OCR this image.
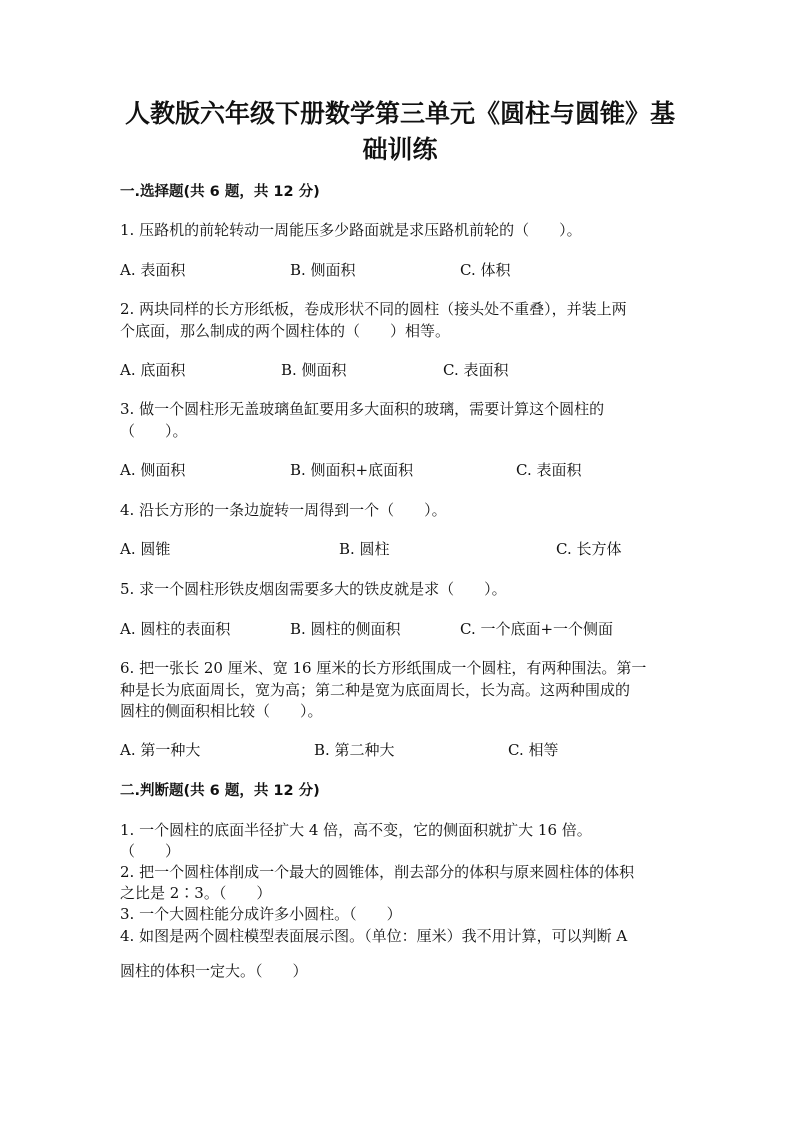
人教版六年级下册数学第三单元《圆柱与圆锥》基
础训练
一.选择题(共 6 题，共 12 分)
1. 压路机的前轮转动一周能压多少路面就是求压路机前轮的（　　）。
A. 表面积	B. 侧面积	C. 体积
2. 两块同样的长方形纸板，卷成形状不同的圆柱（接头处不重叠），并装上两
个底面，那么制成的两个圆柱体的（　　）相等。
A. 底面积	B. 侧面积	C. 表面积
3. 做一个圆柱形无盖玻璃鱼缸要用多大面积的玻璃，需要计算这个圆柱的
（　　）。
A. 侧面积	B. 侧面积+底面积	C. 表面积
4. 沿长方形的一条边旋转一周得到一个（　　）。
A. 圆锥	B. 圆柱	C. 长方体
5. 求一个圆柱形铁皮烟囱需要多大的铁皮就是求（　　）。
A. 圆柱的表面积	B. 圆柱的侧面积	C. 一个底面+一个侧面
6. 把一张长 20 厘米、宽 16 厘米的长方形纸围成一个圆柱，有两种围法。第一
种是长为底面周长，宽为高；第二种是宽为底面周长，长为高。这两种围成的
圆柱的侧面积相比较（　　）。
A. 第一种大	B. 第二种大	C. 相等
二.判断题(共 6 题，共 12 分)
1. 一个圆柱的底面半径扩大 4 倍，高不变，它的侧面积就扩大 16 倍。
（　　）
2. 把一个圆柱体削成一个最大的圆锥体，削去部分的体积与原来圆柱体的体积
之比是 2∶3。（　　）
3. 一个大圆柱能分成许多小圆柱。（　　）
4. 如图是两个圆柱模型表面展示图。（单位：厘米）我不用计算，可以判断 A
圆柱的体积一定大。（　　）
